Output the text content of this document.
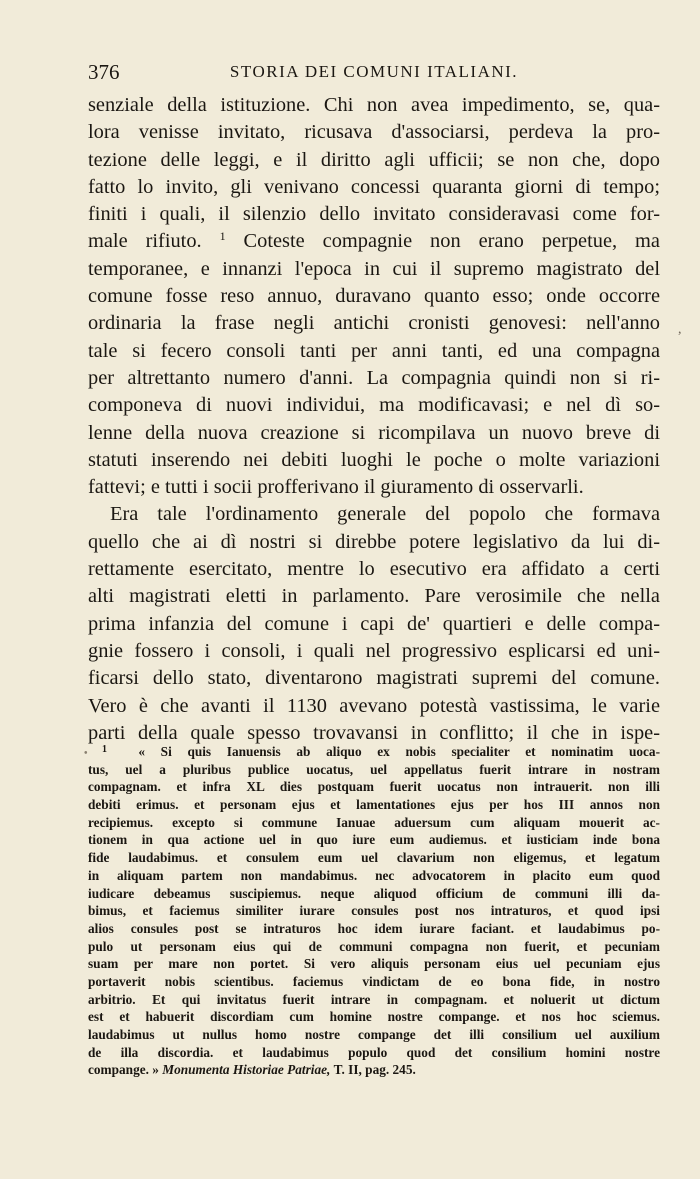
376	STORIA DEI COMUNI ITALIANI.
senziale della istituzione. Chi non avea impedimento, se, qua-
lora venisse invitato, ricusava d'associarsi, perdeva la pro-
tezione delle leggi, e il diritto agli ufficii; se non che, dopo
fatto lo invito, gli venivano concessi quaranta giorni di tempo;
finiti i quali, il silenzio dello invitato consideravasi come for-
male rifiuto. $^1$ Coteste compagnie non erano perpetue, ma
temporanee, e innanzi l'epoca in cui il supremo magistrato del
comune fosse reso annuo, duravano quanto esso; onde occorre
ordinaria la frase negli antichi cronisti genovesi: nell'anno
tale si fecero consoli tanti per anni tanti, ed una compagna
per altrettanto numero d'anni. La compagnia quindi non si ri-
componeva di nuovi individui, ma modificavasi; e nel dì so-
lenne della nuova creazione si ricompilava un nuovo breve di
statuti inserendo nei debiti luoghi le poche o molte variazioni
fattevi; e tutti i socii profferivano il giuramento di osservarli.
Era tale l'ordinamento generale del popolo che formava
quello che ai dì nostri si direbbe potere legislativo da lui di-
rettamente esercitato, mentre lo esecutivo era affidato a certi
alti magistrati eletti in parlamento. Pare verosimile che nella
prima infanzia del comune i capi de' quartieri e delle compa-
gnie fossero i consoli, i quali nel progressivo esplicarsi ed uni-
ficarsi dello stato, diventarono magistrati supremi del comune.
Vero è che avanti il 1130 avevano potestà vastissima, le varie
parti della quale spesso trovavansi in conflitto; il che in ispe-
,
•	$^1$ « Si quis Ianuensis ab aliquo ex nobis specialiter et nominatim uoca-
tus, uel a pluribus publice uocatus, uel appellatus fuerit intrare in nostram
compagnam. et infra XL dies postquam fuerit uocatus non intrauerit. non illi
debiti erimus. et personam ejus et lamentationes ejus per hos III annos non
recipiemus. excepto si commune Ianuae aduersum cum aliquam mouerit ac-
tionem in qua actione uel in quo iure eum audiemus. et iusticiam inde bona
fide laudabimus. et consulem eum uel clavarium non eligemus, et legatum
in aliquam partem non mandabimus. nec advocatorem in placito eum quod
iudicare debeamus suscipiemus. neque aliquod officium de communi illi da-
bimus, et faciemus similiter iurare consules post nos intraturos, et quod ipsi
alios consules post se intraturos hoc idem iurare faciant. et laudabimus po-
pulo ut personam eius qui de communi compagna non fuerit, et pecuniam
suam per mare non portet. Si vero aliquis personam eius uel pecuniam ejus
portaverit nobis scientibus. faciemus vindictam de eo bona fide, in nostro
arbitrio. Et qui invitatus fuerit intrare in compagnam. et noluerit ut dictum
est et habuerit discordiam cum homine nostre compange. et nos hoc sciemus.
laudabimus ut nullus homo nostre compange det illi consilium uel auxilium
de illa discordia. et laudabimus populo quod det consilium homini nostre
compange. » Monumenta Historiae Patriae, T. II, pag. 245.
